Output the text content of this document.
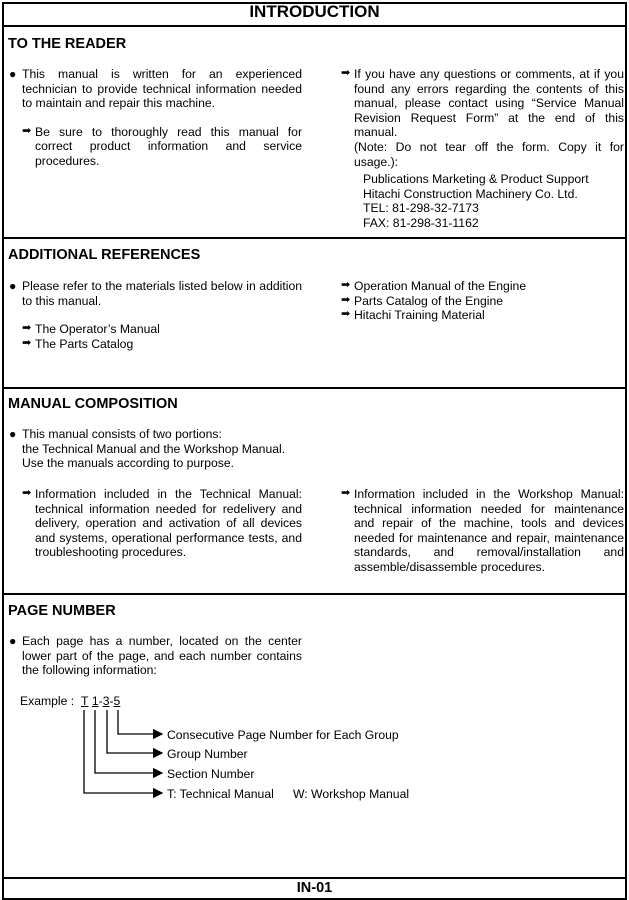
INTRODUCTION
TO THE READER
● This manual is written for an experienced technician to provide technical information needed to maintain and repair this machine.
➡ Be sure to thoroughly read this manual for correct product information and service procedures.
➡ If you have any questions or comments, at if you found any errors regarding the contents of this manual, please contact using “Service Manual Revision Request Form” at the end of this manual.
(Note: Do not tear off the form. Copy it for usage.):
Publications Marketing & Product Support
Hitachi Construction Machinery Co. Ltd.
TEL: 81-298-32-7173
FAX: 81-298-31-1162
ADDITIONAL REFERENCES
● Please refer to the materials listed below in addition to this manual.
➡ The Operator’s Manual
➡ The Parts Catalog
➡ Operation Manual of the Engine
➡ Parts Catalog of the Engine
➡ Hitachi Training Material
MANUAL COMPOSITION
● This manual consists of two portions:
the Technical Manual and the Workshop Manual.
Use the manuals according to purpose.
➡ Information included in the Technical Manual: technical information needed for redelivery and delivery, operation and activation of all devices and systems, operational performance tests, and troubleshooting procedures.
➡ Information included in the Workshop Manual: technical information needed for maintenance and repair of the machine, tools and devices needed for maintenance and repair, maintenance standards, and removal/installation and assemble/disassemble procedures.
PAGE NUMBER
● Each page has a number, located on the center lower part of the page, and each number contains the following information:
Example : T 1-3-5
Consecutive Page Number for Each Group
Group Number
Section Number
T: Technical Manual W: Workshop Manual
IN-01
